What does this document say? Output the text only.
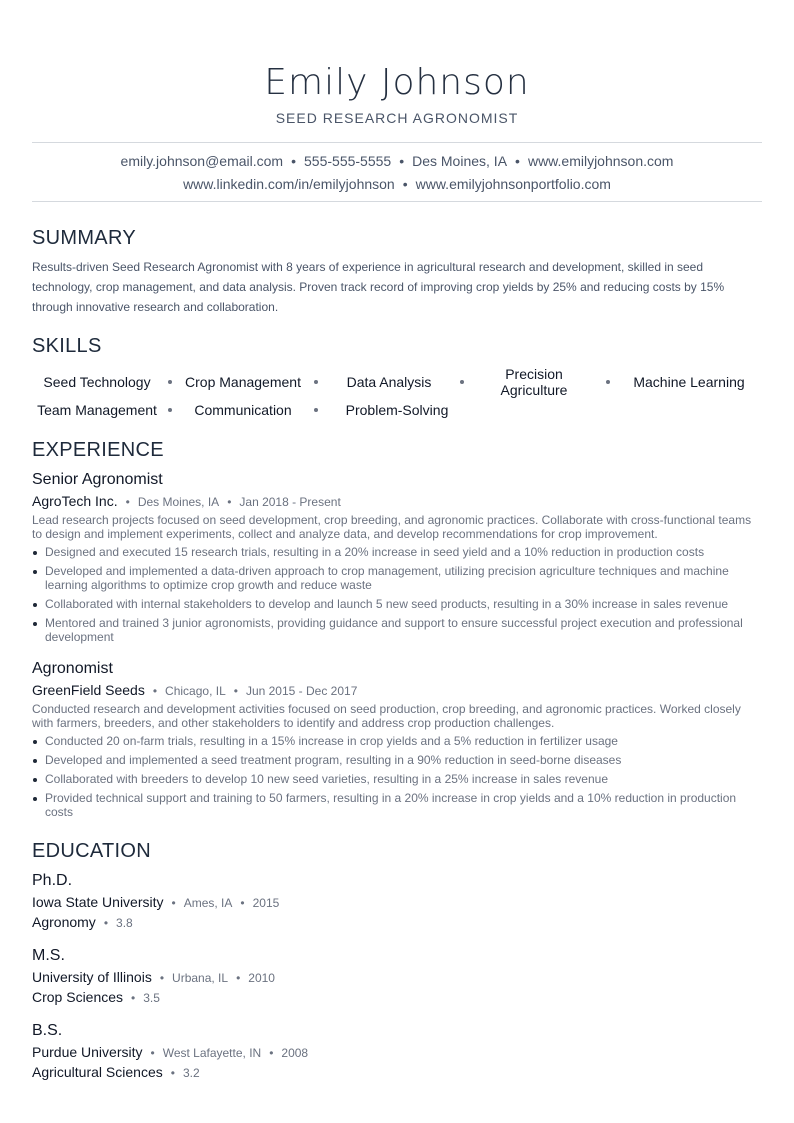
Emily Johnson
SEED RESEARCH AGRONOMIST
emily.johnson@email.com • 555-555-5555 • Des Moines, IA • www.emilyjohnson.com
www.linkedin.com/in/emilyjohnson • www.emilyjohnsonportfolio.com
SUMMARY
Results-driven Seed Research Agronomist with 8 years of experience in agricultural research and development, skilled in seed technology, crop management, and data analysis. Proven track record of improving crop yields by 25% and reducing costs by 15% through innovative research and collaboration.
SKILLS
Seed Technology	Crop Management	Data Analysis	Precision Agriculture	Machine Learning
Team Management	Communication	Problem-Solving
EXPERIENCE
Senior Agronomist
AgroTech Inc. • Des Moines, IA • Jan 2018 - Present
Lead research projects focused on seed development, crop breeding, and agronomic practices. Collaborate with cross-functional teams to design and implement experiments, collect and analyze data, and develop recommendations for crop improvement.
Designed and executed 15 research trials, resulting in a 20% increase in seed yield and a 10% reduction in production costs
Developed and implemented a data-driven approach to crop management, utilizing precision agriculture techniques and machine learning algorithms to optimize crop growth and reduce waste
Collaborated with internal stakeholders to develop and launch 5 new seed products, resulting in a 30% increase in sales revenue
Mentored and trained 3 junior agronomists, providing guidance and support to ensure successful project execution and professional development
Agronomist
GreenField Seeds • Chicago, IL • Jun 2015 - Dec 2017
Conducted research and development activities focused on seed production, crop breeding, and agronomic practices. Worked closely with farmers, breeders, and other stakeholders to identify and address crop production challenges.
Conducted 20 on-farm trials, resulting in a 15% increase in crop yields and a 5% reduction in fertilizer usage
Developed and implemented a seed treatment program, resulting in a 90% reduction in seed-borne diseases
Collaborated with breeders to develop 10 new seed varieties, resulting in a 25% increase in sales revenue
Provided technical support and training to 50 farmers, resulting in a 20% increase in crop yields and a 10% reduction in production costs
EDUCATION
Ph.D.
Iowa State University • Ames, IA • 2015
Agronomy • 3.8
M.S.
University of Illinois • Urbana, IL • 2010
Crop Sciences • 3.5
B.S.
Purdue University • West Lafayette, IN • 2008
Agricultural Sciences • 3.2
